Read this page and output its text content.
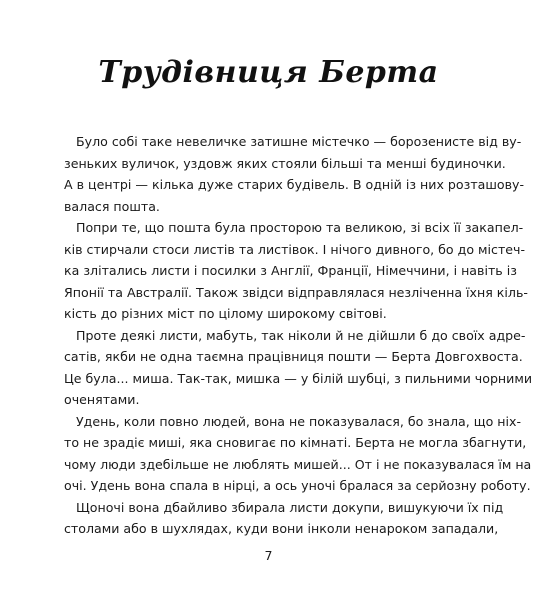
Трудівниця Берта
Було собі таке невеличке затишне містечко — борозенисте від ву-
зеньких вуличок, уздовж яких стояли більші та менші будиночки.
А в центрі — кілька дуже старих будівель. В одній із них розташову-
валася пошта.
Попри те, що пошта була просторою та великою, зі всіх її закапел-
ків стирчали стоси листів та листівок. І нічого дивного, бо до містеч-
ка злітались листи і посилки з Англії, Франції, Німеччини, і навіть із
Японії та Австралії. Також звідси відправлялася незліченна їхня кіль-
кість до різних міст по цілому широкому світові.
Проте деякі листи, мабуть, так ніколи й не дійшли б до своїх адре-
сатів, якби не одна таємна працівниця пошти — Берта Довгохвоста.
Це була... миша. Так-так, мишка — у білій шубці, з пильними чорними
оченятами.
Удень, коли повно людей, вона не показувалася, бо знала, що ніх-
то не зрадіє миші, яка сновигає по кімнаті. Берта не могла збагнути,
чому люди здебільше не люблять мишей... От і не показувалася їм на
очі. Удень вона спала в нірці, а ось уночі бралася за серйозну роботу.
Щоночі вона дбайливо збирала листи докупи, вишукуючи їх під
столами або в шухлядах, куди вони інколи ненароком западали,
7
